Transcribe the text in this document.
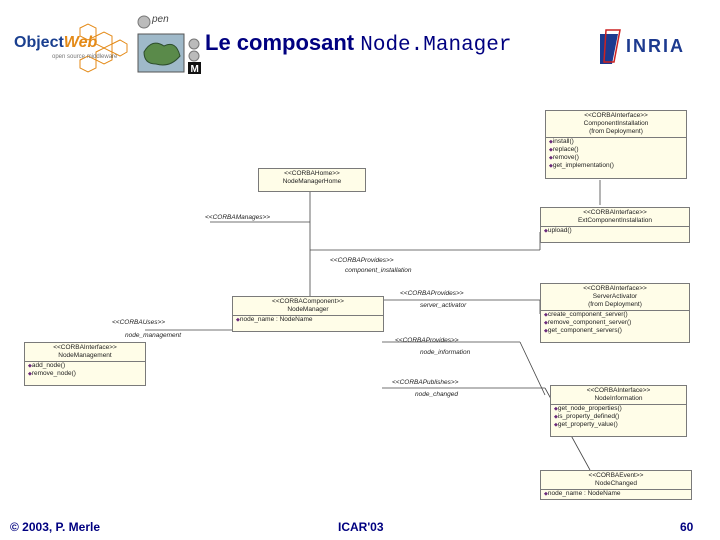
ObjectWeb
open source middleware
M
pen
Le composant Node.Manager	INRIA
<<CORBAInterface>>
ComponentInstallation
(from Deployment)
◆ install()
◆ replace()
◆ remove()
◆ get_implementation()
<<CORBAHome>>
NodeManagerHome
<<CORBAInterface>>
ExtComponentInstallation
◆ upload()
<<CORBAComponent>>
NodeManager
◆ node_name : NodeName
<<CORBAInterface>>
ServerActivator
(from Deployment)
◆ create_component_server()
◆ remove_component_server()
◆ get_component_servers()
<<CORBAInterface>>
NodeManagement
◆ add_node()
◆ remove_node()
<<CORBAInterface>>
NodeInformation
◆ get_node_properties()
◆ is_property_defined()
◆ get_property_value()
<<CORBAEvent>>
NodeChanged
◆ node_name : NodeName
<<CORBAManages>>
<<CORBAProvides>>
component_installation
<<CORBAProvides>>
server_activator
<<CORBAUses>>
node_management
<<CORBAProvides>>
node_information
<<CORBAPublishes>>
node_changed
© 2003, P. Merle	ICAR'03	60
